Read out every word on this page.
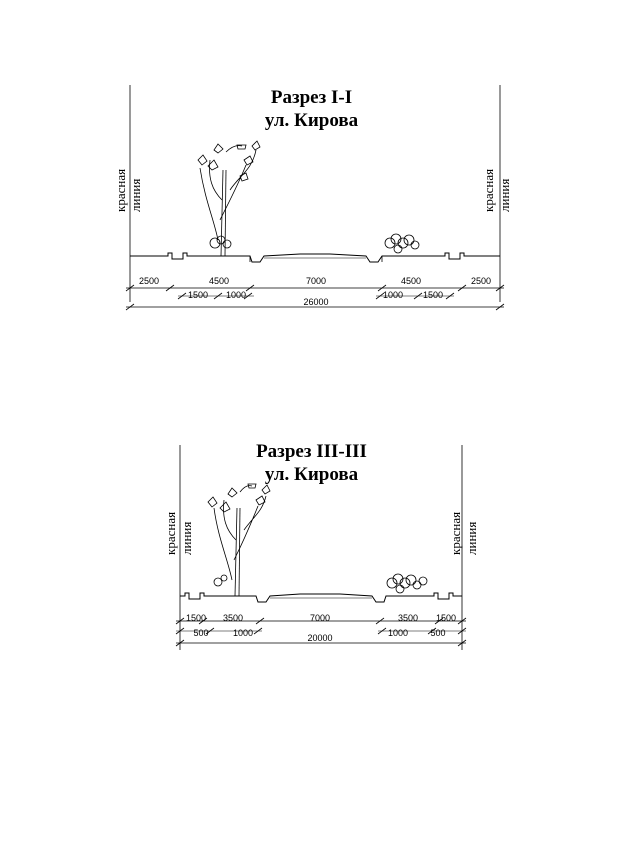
Разрез I-I
ул. Кирова
красная линия	красная линия
2500	4500	7000	4500	2500
1500 1000	1000 1500
26000
Разрез III-III
ул. Кирова
красная линия	красная линия
1500 3500	7000	3500 1500
500	1000	1000 500
20000
